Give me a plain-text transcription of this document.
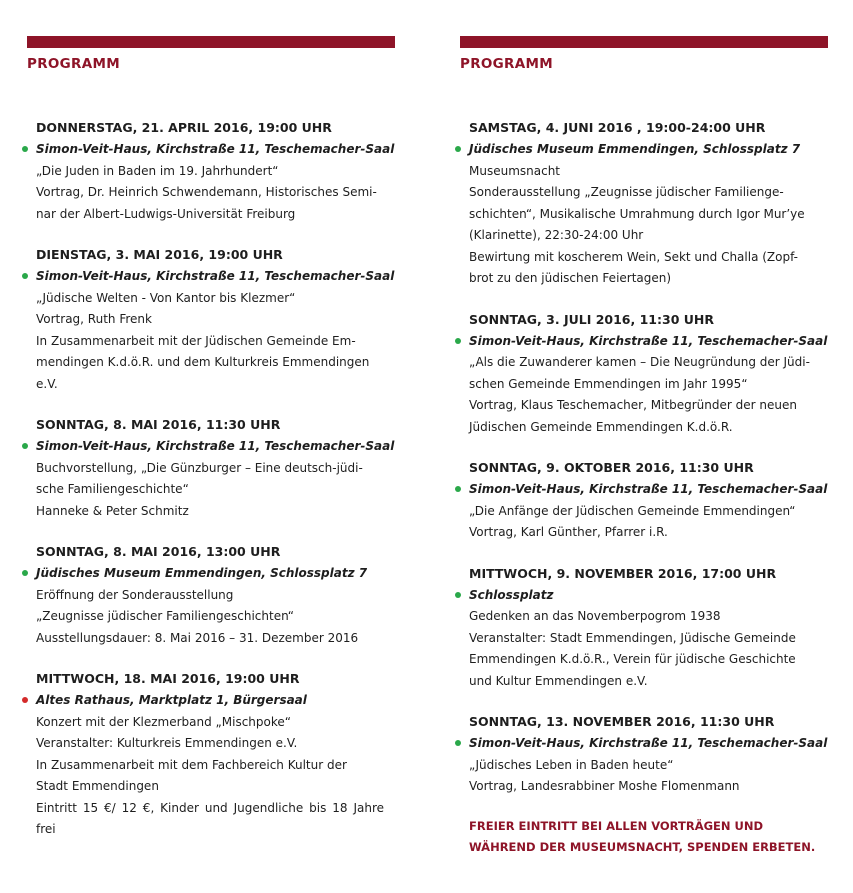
PROGRAMM
DONNERSTAG, 21. APRIL 2016, 19:00 UHR
Simon-Veit-Haus, Kirchstraße 11, Teschemacher-Saal
„Die Juden in Baden im 19. Jahrhundert“
Vortrag, Dr. Heinrich Schwendemann, Historisches Semi-
nar der Albert-Ludwigs-Universität Freiburg
DIENSTAG, 3. MAI 2016, 19:00 UHR
Simon-Veit-Haus, Kirchstraße 11, Teschemacher-Saal
„Jüdische Welten - Von Kantor bis Klezmer“
Vortrag, Ruth Frenk
In Zusammenarbeit mit der Jüdischen Gemeinde Em-
mendingen K.d.ö.R. und dem Kulturkreis Emmendingen
e.V.
SONNTAG, 8. MAI 2016, 11:30 UHR
Simon-Veit-Haus, Kirchstraße 11, Teschemacher-Saal
Buchvorstellung, „Die Günzburger – Eine deutsch-jüdi-
sche Familiengeschichte“
Hanneke & Peter Schmitz
SONNTAG, 8. MAI 2016, 13:00 UHR
Jüdisches Museum Emmendingen, Schlossplatz 7
Eröffnung der Sonderausstellung
„Zeugnisse jüdischer Familiengeschichten“
Ausstellungsdauer: 8. Mai 2016 – 31. Dezember 2016
MITTWOCH, 18. MAI 2016, 19:00 UHR
Altes Rathaus, Marktplatz 1, Bürgersaal
Konzert mit der Klezmerband „Mischpoke“
Veranstalter: Kulturkreis Emmendingen e.V.
In Zusammenarbeit mit dem Fachbereich Kultur der
Stadt Emmendingen
Eintritt 15 €/ 12 €, Kinder und Jugendliche bis 18 Jahre frei
PROGRAMM
SAMSTAG, 4. JUNI 2016 , 19:00-24:00 UHR
Jüdisches Museum Emmendingen, Schlossplatz 7
Museumsnacht
Sonderausstellung „Zeugnisse jüdischer Familienge-
schichten“, Musikalische Umrahmung durch Igor Mur’ye
(Klarinette), 22:30-24:00 Uhr
Bewirtung mit koscherem Wein, Sekt und Challa (Zopf-
brot zu den jüdischen Feiertagen)
SONNTAG, 3. JULI 2016, 11:30 UHR
Simon-Veit-Haus, Kirchstraße 11, Teschemacher-Saal
„Als die Zuwanderer kamen – Die Neugründung der Jüdi-
schen Gemeinde Emmendingen im Jahr 1995“
Vortrag, Klaus Teschemacher, Mitbegründer der neuen
Jüdischen Gemeinde Emmendingen K.d.ö.R.
SONNTAG, 9. OKTOBER 2016, 11:30 UHR
Simon-Veit-Haus, Kirchstraße 11, Teschemacher-Saal
„Die Anfänge der Jüdischen Gemeinde Emmendingen“
Vortrag, Karl Günther, Pfarrer i.R.
MITTWOCH, 9. NOVEMBER 2016, 17:00 UHR
Schlossplatz
Gedenken an das Novemberpogrom 1938
Veranstalter: Stadt Emmendingen, Jüdische Gemeinde
Emmendingen K.d.ö.R., Verein für jüdische Geschichte
und Kultur Emmendingen e.V.
SONNTAG, 13. NOVEMBER 2016, 11:30 UHR
Simon-Veit-Haus, Kirchstraße 11, Teschemacher-Saal
„Jüdisches Leben in Baden heute“
Vortrag, Landesrabbiner Moshe Flomenmann
FREIER EINTRITT BEI ALLEN VORTRÄGEN UND
WÄHREND DER MUSEUMSNACHT, SPENDEN ERBETEN.
